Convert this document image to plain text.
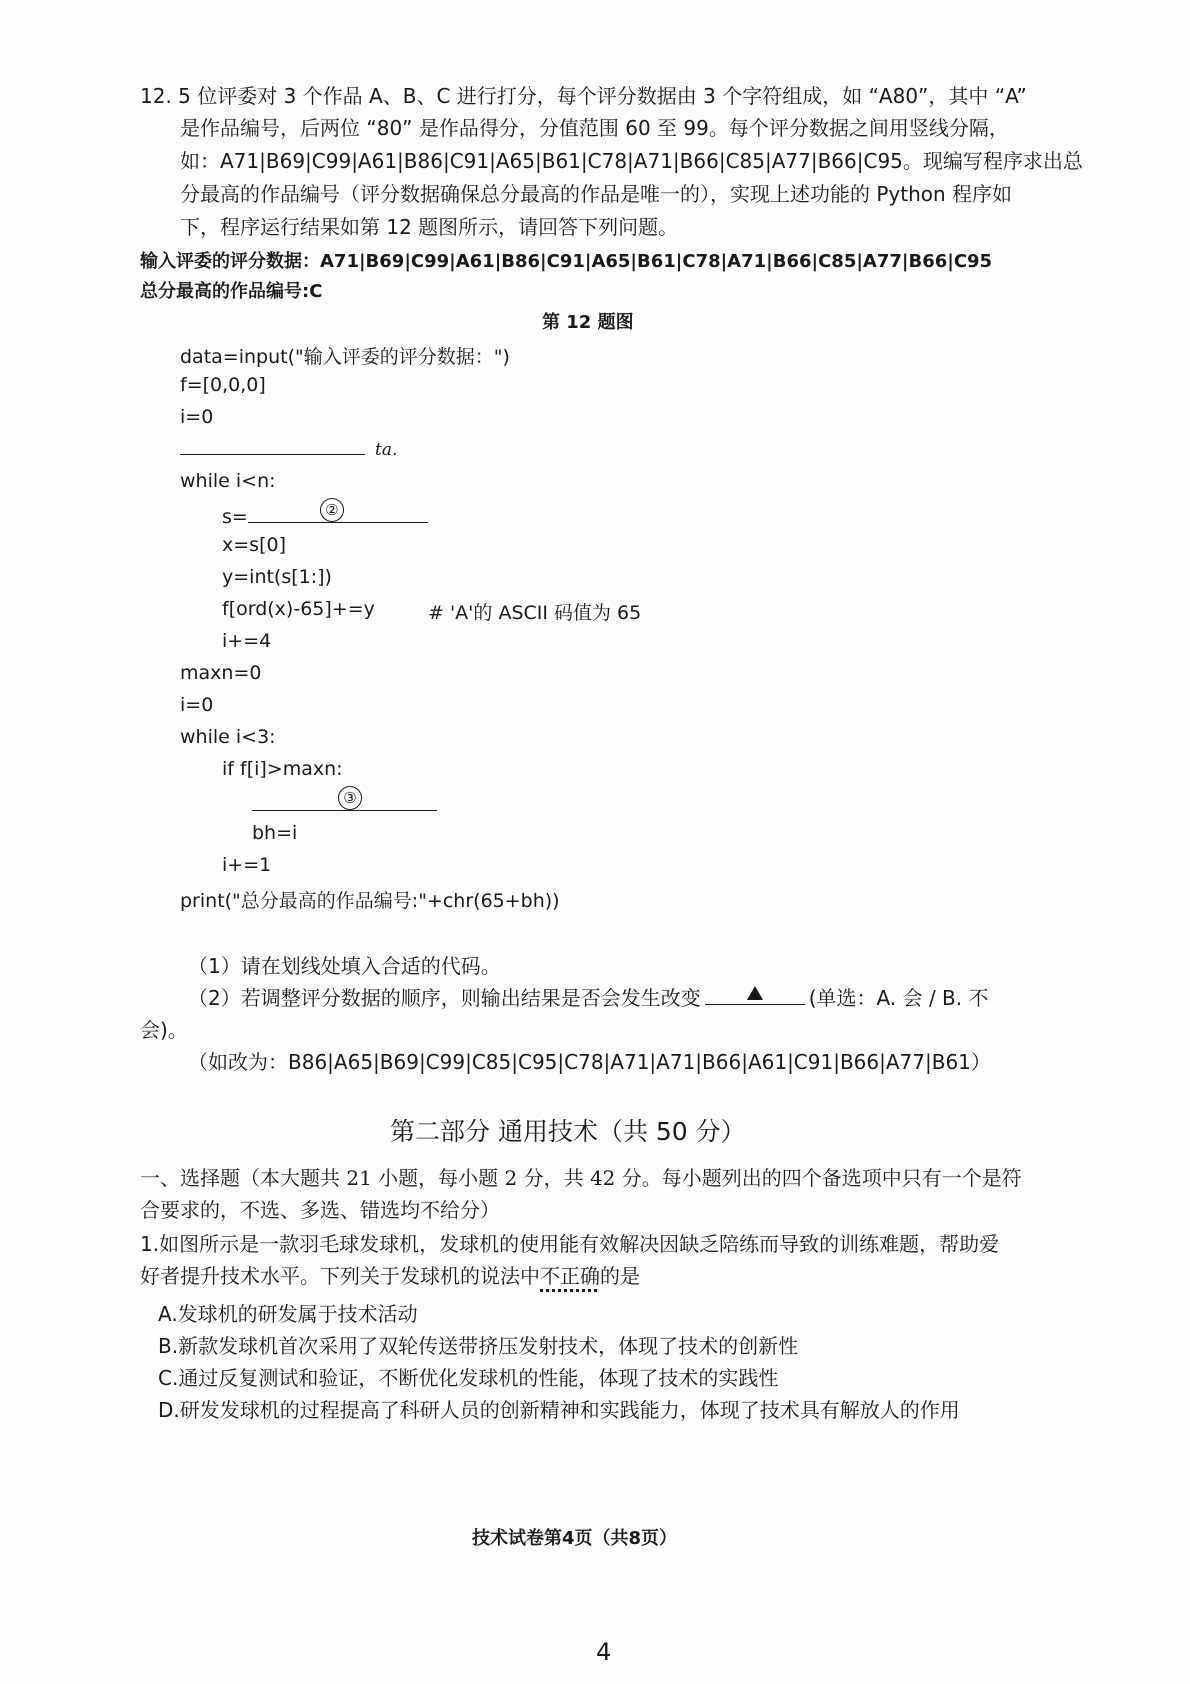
12. 5 位评委对 3 个作品 A、B、C 进行打分，每个评分数据由 3 个字符组成，如 “A80”，其中 “A”
是作品编号，后两位 “80” 是作品得分，分值范围 60 至 99。每个评分数据之间用竖线分隔，
如：A71|B69|C99|A61|B86|C91|A65|B61|C78|A71|B66|C85|A77|B66|C95。现编写程序求出总
分最高的作品编号（评分数据确保总分最高的作品是唯一的），实现上述功能的 Python 程序如
下，程序运行结果如第 12 题图所示，请回答下列问题。
输入评委的评分数据：A71|B69|C99|A61|B86|C91|A65|B61|C78|A71|B66|C85|A77|B66|C95
总分最高的作品编号:C
第 12 题图
data=input("输入评委的评分数据：")
f=[0,0,0]
i=0
ta.
while i<n:
s=	②
x=s[0]
y=int(s[1:])
f[ord(x)-65]+=y	# 'A'的 ASCII 码值为 65
i+=4
maxn=0
i=0
while i<3:
if f[i]>maxn:
③
bh=i
i+=1
print("总分最高的作品编号:"+chr(65+bh))
（1）请在划线处填入合适的代码。
（2）若调整评分数据的顺序，则输出结果是否会发生改变	(单选：A. 会 / B. 不
会)。
（如改为：B86|A65|B69|C99|C85|C95|C78|A71|A71|B66|A61|C91|B66|A77|B61）
第二部分 通用技术（共 50 分）
一、选择题（本大题共 21 小题，每小题 2 分，共 42 分。每小题列出的四个备选项中只有一个是符
合要求的，不选、多选、错选均不给分）
1.如图所示是一款羽毛球发球机，发球机的使用能有效解决因缺乏陪练而导致的训练难题，帮助爱
好者提升技术水平。下列关于发球机的说法中不正确的是
A.发球机的研发属于技术活动
B.新款发球机首次采用了双轮传送带挤压发射技术，体现了技术的创新性
C.通过反复测试和验证，不断优化发球机的性能，体现了技术的实践性
D.研发发球机的过程提高了科研人员的创新精神和实践能力，体现了技术具有解放人的作用
技术试卷第4页（共8页）
4
